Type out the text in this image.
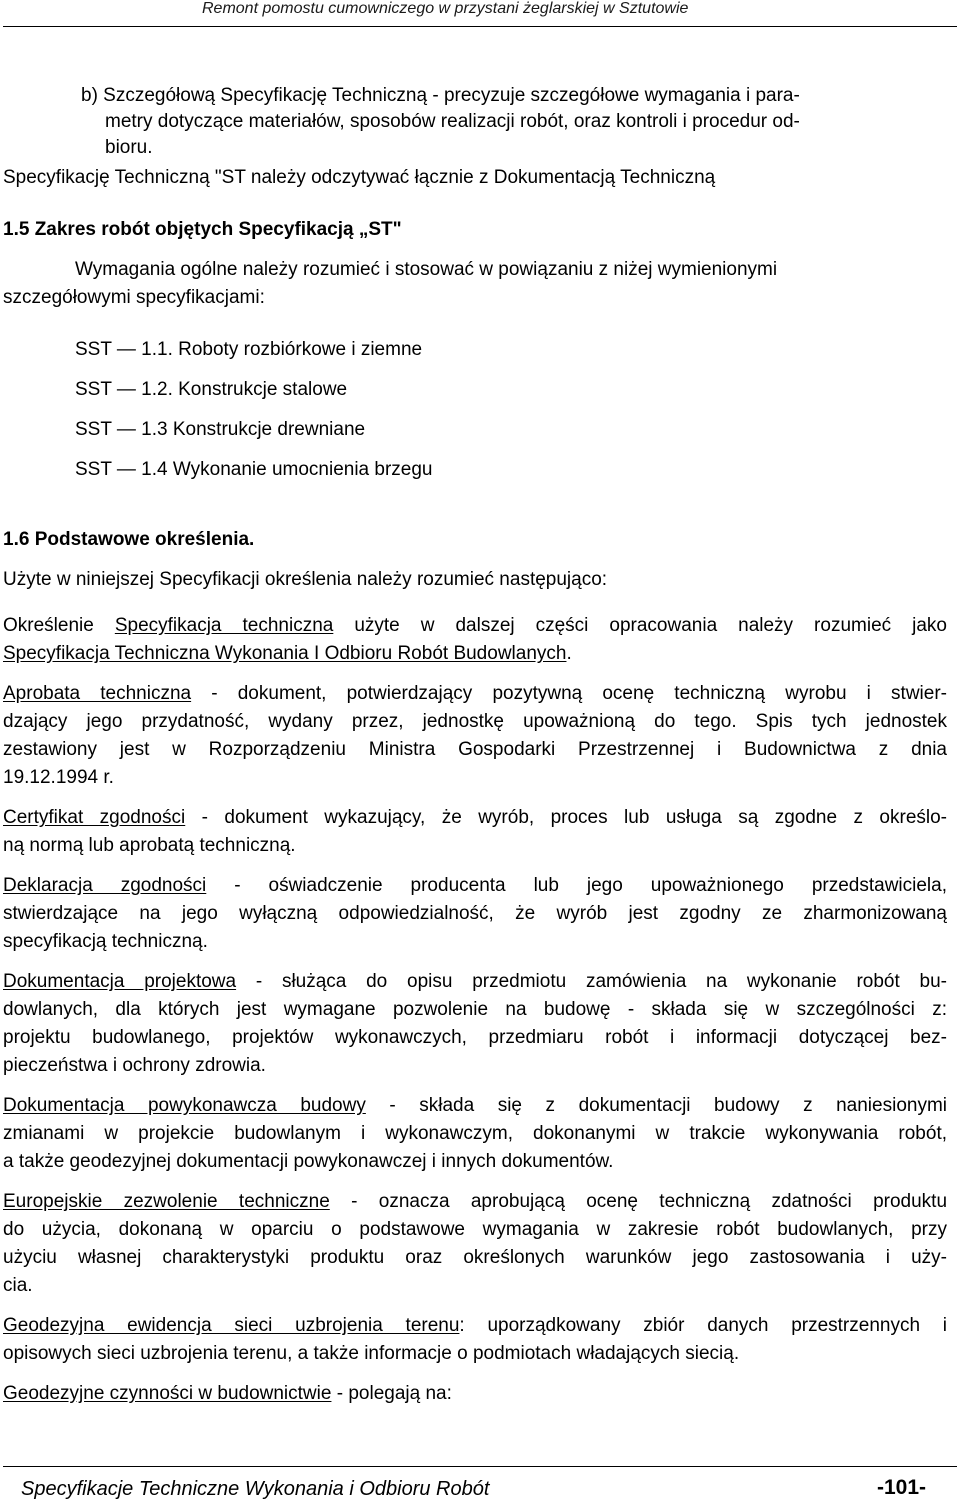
Remont pomostu cumowniczego w przystani żeglarskiej w Sztutowie
b) Szczegółową Specyfikację Techniczną - precyzuje szczegółowe wymagania i para-
metry dotyczące materiałów, sposobów realizacji robót, oraz kontroli i procedur od-
bioru.
Specyfikację Techniczną "ST należy odczytywać łącznie z Dokumentacją Techniczną
1.5 Zakres robót objętych Specyfikacją „ST"
Wymagania ogólne należy rozumieć i stosować w powiązaniu z niżej wymienionymi
szczegółowymi specyfikacjami:
SST — 1.1. Roboty rozbiórkowe i ziemne
SST — 1.2. Konstrukcje stalowe
SST — 1.3 Konstrukcje drewniane
SST — 1.4 Wykonanie umocnienia brzegu
1.6 Podstawowe określenia.
Użyte w niniejszej Specyfikacji określenia należy rozumieć następująco:
Określenie Specyfikacja techniczna użyte w dalszej części opracowania należy rozumieć jako
Specyfikacja Techniczna Wykonania I Odbioru Robót Budowlanych.
Aprobata techniczna - dokument, potwierdzający pozytywną ocenę techniczną wyrobu i stwier-
dzający jego przydatność, wydany przez, jednostkę upoważnioną do tego. Spis tych jednostek
zestawiony jest w Rozporządzeniu Ministra Gospodarki Przestrzennej i Budownictwa z dnia
19.12.1994 r.
Certyfikat zgodności - dokument wykazujący, że wyrób, proces lub usługa są zgodne z określo-
ną normą lub aprobatą techniczną.
Deklaracja zgodności - oświadczenie producenta lub jego upoważnionego przedstawiciela,
stwierdzające na jego wyłączną odpowiedzialność, że wyrób jest zgodny ze zharmonizowaną
specyfikacją techniczną.
Dokumentacja projektowa - służąca do opisu przedmiotu zamówienia na wykonanie robót bu-
dowlanych, dla których jest wymagane pozwolenie na budowę - składa się w szczególności z:
projektu budowlanego, projektów wykonawczych, przedmiaru robót i informacji dotyczącej bez-
pieczeństwa i ochrony zdrowia.
Dokumentacja powykonawcza budowy - składa się z dokumentacji budowy z naniesionymi
zmianami w projekcie budowlanym i wykonawczym, dokonanymi w trakcie wykonywania robót,
a także geodezyjnej dokumentacji powykonawczej i innych dokumentów.
Europejskie zezwolenie techniczne - oznacza aprobującą ocenę techniczną zdatności produktu
do użycia, dokonaną w oparciu o podstawowe wymagania w zakresie robót budowlanych, przy
użyciu własnej charakterystyki produktu oraz określonych warunków jego zastosowania i uży-
cia.
Geodezyjna ewidencja sieci uzbrojenia terenu: uporządkowany zbiór danych przestrzennych i
opisowych sieci uzbrojenia terenu, a także informacje o podmiotach władających siecią.
Geodezyjne czynności w budownictwie - polegają na:
Specyfikacje Techniczne Wykonania i Odbioru Robót	-101-
